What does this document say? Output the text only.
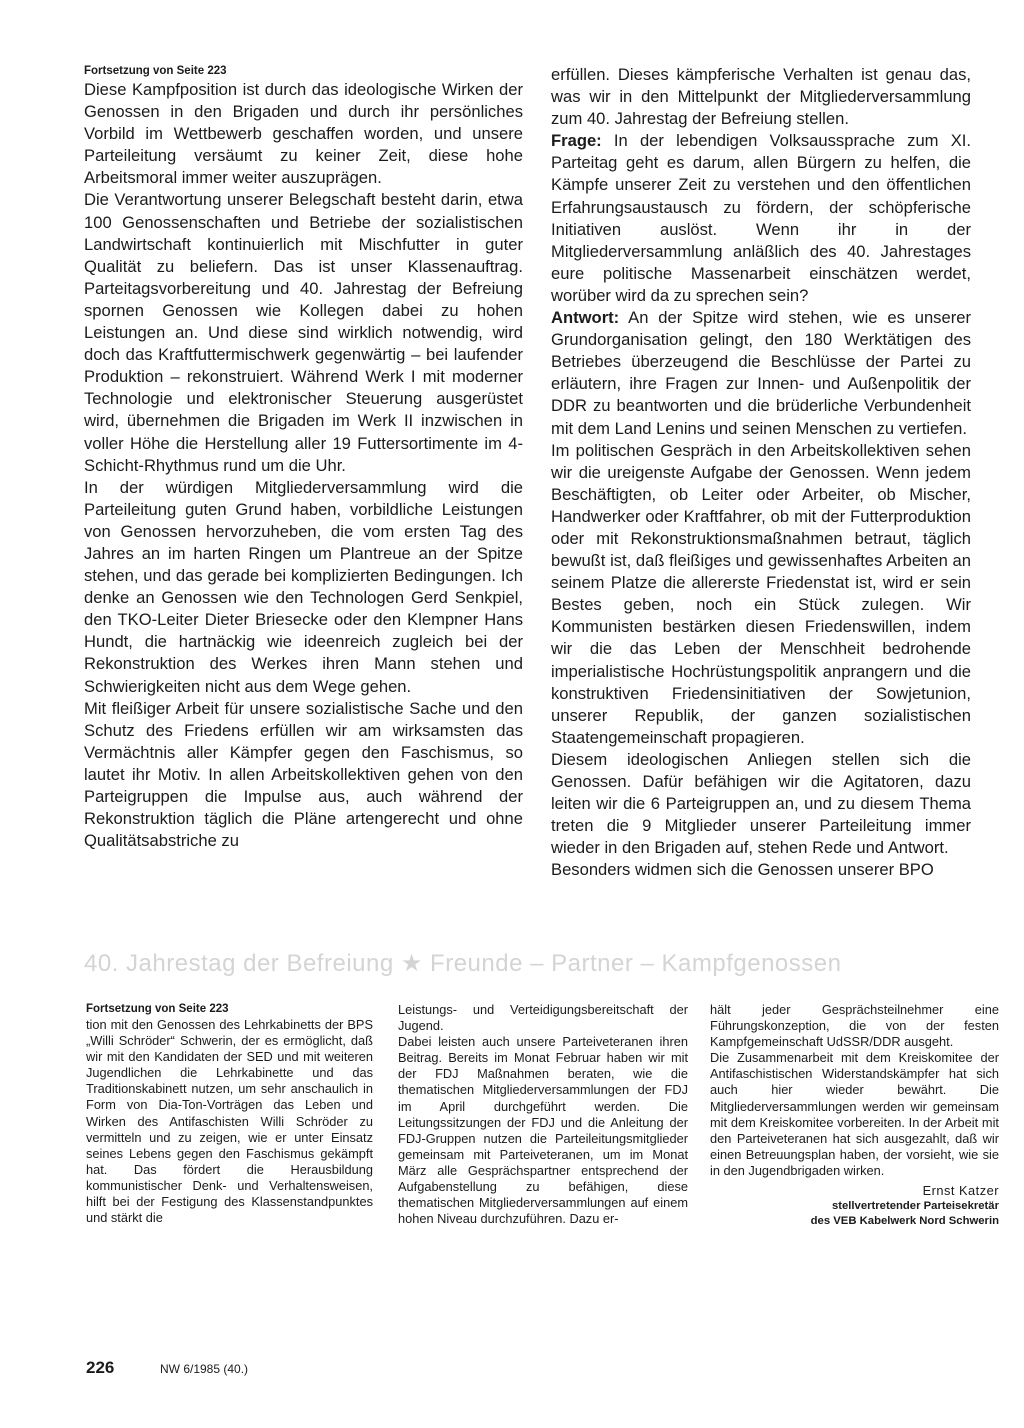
Fortsetzung von Seite 223

Diese Kampfposition ist durch das ideologische Wirken der Genossen in den Brigaden und durch ihr persönliches Vorbild im Wettbewerb geschaffen worden, und unsere Parteileitung versäumt zu keiner Zeit, diese hohe Arbeitsmoral immer weiter auszuprägen.

Die Verantwortung unserer Belegschaft besteht darin, etwa 100 Genossenschaften und Betriebe der sozialistischen Landwirtschaft kontinuierlich mit Mischfutter in guter Qualität zu beliefern. Das ist unser Klassenauftrag. Parteitagsvorbereitung und 40. Jahrestag der Befreiung spornen Genossen wie Kollegen dabei zu hohen Leistungen an. Und diese sind wirklich notwendig, wird doch das Kraftfuttermischwerk gegenwärtig – bei laufender Produktion – rekonstruiert. Während Werk I mit moderner Technologie und elektronischer Steuerung ausgerüstet wird, übernehmen die Brigaden im Werk II inzwischen in voller Höhe die Herstellung aller 19 Futtersortimente im 4-Schicht-Rhythmus rund um die Uhr.

In der würdigen Mitgliederversammlung wird die Parteileitung guten Grund haben, vorbildliche Leistungen von Genossen hervorzuheben, die vom ersten Tag des Jahres an im harten Ringen um Plantreue an der Spitze stehen, und das gerade bei komplizierten Bedingungen. Ich denke an Genossen wie den Technologen Gerd Senkpiel, den TKO-Leiter Dieter Briesecke oder den Klempner Hans Hundt, die hartnäckig wie ideenreich zugleich bei der Rekonstruktion des Werkes ihren Mann stehen und Schwierigkeiten nicht aus dem Wege gehen.

Mit fleißiger Arbeit für unsere sozialistische Sache und den Schutz des Friedens erfüllen wir am wirksamsten das Vermächtnis aller Kämpfer gegen den Faschismus, so lautet ihr Motiv. In allen Arbeitskollektiven gehen von den Parteigruppen die Impulse aus, auch während der Rekonstruktion täglich die Pläne artengerecht und ohne Qualitätsabstriche zu

erfüllen. Dieses kämpferische Verhalten ist genau das, was wir in den Mittelpunkt der Mitgliederversammlung zum 40. Jahrestag der Befreiung stellen.

Frage: In der lebendigen Volksaussprache zum XI. Parteitag geht es darum, allen Bürgern zu helfen, die Kämpfe unserer Zeit zu verstehen und den öffentlichen Erfahrungsaustausch zu fördern, der schöpferische Initiativen auslöst. Wenn ihr in der Mitgliederversammlung anläßlich des 40. Jahrestages eure politische Massenarbeit einschätzen werdet, worüber wird da zu sprechen sein?

Antwort: An der Spitze wird stehen, wie es unserer Grundorganisation gelingt, den 180 Werktätigen des Betriebes überzeugend die Beschlüsse der Partei zu erläutern, ihre Fragen zur Innen- und Außenpolitik der DDR zu beantworten und die brüderliche Verbundenheit mit dem Land Lenins und seinen Menschen zu vertiefen.

Im politischen Gespräch in den Arbeitskollektiven sehen wir die ureigenste Aufgabe der Genossen. Wenn jedem Beschäftigten, ob Leiter oder Arbeiter, ob Mischer, Handwerker oder Kraftfahrer, ob mit der Futterproduktion oder mit Rekonstruktionsmaßnahmen betraut, täglich bewußt ist, daß fleißiges und gewissenhaftes Arbeiten an seinem Platze die allererste Friedenstat ist, wird er sein Bestes geben, noch ein Stück zulegen. Wir Kommunisten bestärken diesen Friedenswillen, indem wir die das Leben der Menschheit bedrohende imperialistische Hochrüstungspolitik anprangern und die konstruktiven Friedensinitiativen der Sowjetunion, unserer Republik, der ganzen sozialistischen Staatengemeinschaft propagieren.

Diesem ideologischen Anliegen stellen sich die Genossen. Dafür befähigen wir die Agitatoren, dazu leiten wir die 6 Parteigruppen an, und zu diesem Thema treten die 9 Mitglieder unserer Parteileitung immer wieder in den Brigaden auf, stehen Rede und Antwort.

Besonders widmen sich die Genossen unserer BPO

40. Jahrestag der Befreiung ★ Freunde – Partner – Kampfgenossen
Fortsetzung von Seite 223

tion mit den Genossen des Lehrkabinetts der BPS „Willi Schröder“ Schwerin, der es ermöglicht, daß wir mit den Kandidaten der SED und mit weiteren Jugendlichen die Lehrkabinette und das Traditionskabinett nutzen, um sehr anschaulich in Form von Dia-Ton-Vorträgen das Leben und Wirken des Antifaschisten Willi Schröder zu vermitteln und zu zeigen, wie er unter Einsatz seines Lebens gegen den Faschismus gekämpft hat. Das fördert die Herausbildung kommunistischer Denk- und Verhaltensweisen, hilft bei der Festigung des Klassenstandpunktes und stärkt die

Leistungs- und Verteidigungsbereitschaft der Jugend.

Dabei leisten auch unsere Parteiveteranen ihren Beitrag. Bereits im Monat Februar haben wir mit der FDJ Maßnahmen beraten, wie die thematischen Mitgliederversammlungen der FDJ im April durchgeführt werden. Die Leitungssitzungen der FDJ und die Anleitung der FDJ-Gruppen nutzen die Parteileitungsmitglieder gemeinsam mit Parteiveteranen, um im Monat März alle Gesprächspartner entsprechend der Aufgabenstellung zu befähigen, diese thematischen Mitgliederversammlungen auf einem hohen Niveau durchzuführen. Dazu er-

hält jeder Gesprächsteilnehmer eine Führungskonzeption, die von der festen Kampfgemeinschaft UdSSR/DDR ausgeht.

Die Zusammenarbeit mit dem Kreiskomitee der Antifaschistischen Widerstandskämpfer hat sich auch hier wieder bewährt. Die Mitgliederversammlungen werden wir gemeinsam mit dem Kreiskomitee vorbereiten. In der Arbeit mit den Parteiveteranen hat sich ausgezahlt, daß wir einen Betreuungsplan haben, der vorsieht, wie sie in den Jugendbrigaden wirken.

Ernst Katzer
stellvertretender Parteisekretär
des VEB Kabelwerk Nord Schwerin
226	NW 6/1985 (40.)
